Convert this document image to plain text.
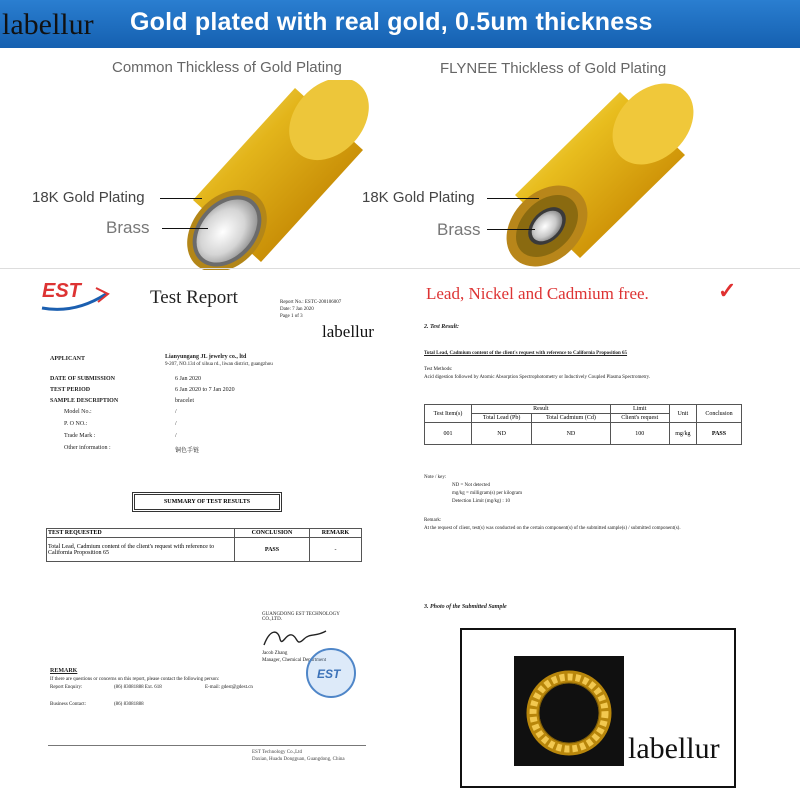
Gold plated with real gold, 0.5um thickness
labellur
Common Thickless of Gold Plating	FLYNEE Thickless of Gold Plating
18K Gold Plating
Brass
18K Gold Plating
Brass
EST	Test Report	Report No.: ESTC-200106007
Date: 7 Jan 2020
Page 1 of 3
APPLICANT	Lianyungang JL jewelry co., ltd
9-207, NO.134 of xihua rd., liwan district, guangzhou
DATE OF SUBMISSION	6 Jan 2020
TEST PERIOD	6 Jan 2020 to 7 Jan 2020
SAMPLE DESCRIPTION	bracelet
Model No.:	/
P. O NO.:	/
Trade Mark :	/
Other information :	铜色手链
SUMMARY OF TEST RESULTS
TEST REQUESTED	CONCLUSION	REMARK
Total Lead, Cadmium content of the client's request with reference to California Proposition 65	PASS	-
GUANGDONG EST TECHNOLOGY CO.,LTD.
Jacob Zhang
Manager, Chemical Department
EST
REMARK
If there are questions or concerns on this report, please contact the following person:
Report Enquiry:	(86) 83081888 Ext. 618	E-mail: gdest@gdest.cn
Business Contact:	(86) 83081888
EST Technology Co.,Ltd
Daxian, Huadu Dongguan, Guangdong, China
labellur
Lead, Nickel and Cadmium free.	✓
2. Test Result:
Total Lead, Cadmium content of the client's request with reference to California Proposition 65
Test Methods:
Acid digestion followed by Atomic Absorption Spectrophotometry or Inductively Coupled Plasma Spectrometry.
Test Item(s)	Result		Limit	Unit	Conclusion
	Total Lead (Pb)	Total Cadmium (Cd)	Client's request		
001	ND	ND	100	mg/kg	PASS
Note / key:
ND = Not detected
mg/kg = milligram(s) per kilogram
Detection Limit (mg/kg) : 10
Remark:
At the request of client, test(s) was conducted on the certain component(s) of the submitted sample(s) / submitted component(s).
3. Photo of the Submitted Sample
labellur
